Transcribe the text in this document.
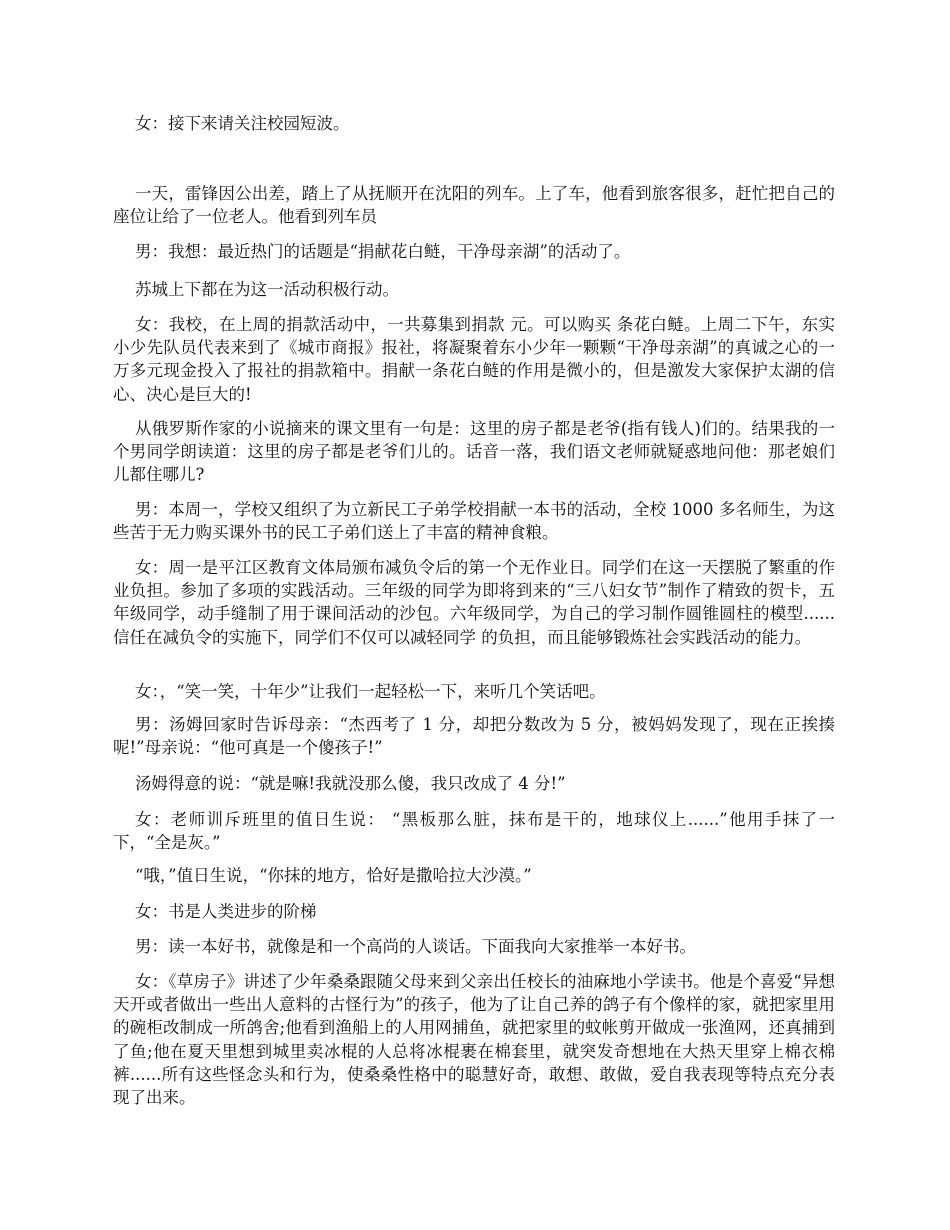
女：接下来请关注校园短波。

一天，雷锋因公出差，踏上了从抚顺开在沈阳的列车。上了车，他看到旅客很多，赶忙把自己的座位让给了一位老人。他看到列车员

男：我想：最近热门的话题是“捐献花白鲢，干净母亲湖”的活动了。

苏城上下都在为这一活动积极行动。

女：我校，在上周的捐款活动中，一共募集到捐款 元。可以购买 条花白鲢。上周二下午，东实小少先队员代表来到了《城市商报》报社，将凝聚着东小少年一颗颗“干净母亲湖”的真诚之心的一万多元现金投入了报社的捐款箱中。捐献一条花白鲢的作用是微小的，但是激发大家保护太湖的信心、决心是巨大的!

从俄罗斯作家的小说摘来的课文里有一句是：这里的房子都是老爷(指有钱人)们的。结果我的一个男同学朗读道：这里的房子都是老爷们儿的。话音一落，我们语文老师就疑惑地问他：那老娘们儿都住哪儿?

男：本周一，学校又组织了为立新民工子弟学校捐献一本书的活动，全校 1000 多名师生，为这些苦于无力购买课外书的民工子弟们送上了丰富的精神食粮。

女：周一是平江区教育文体局颁布减负令后的第一个无作业日。同学们在这一天摆脱了繁重的作业负担。参加了多项的实践活动。三年级的同学为即将到来的“三八妇女节”制作了精致的贺卡，五年级同学，动手缝制了用于课间活动的沙包。六年级同学，为自己的学习制作圆锥圆柱的模型......信任在减负令的实施下，同学们不仅可以减轻同学 的负担，而且能够锻炼社会实践活动的能力。

女：，“笑一笑，十年少”让我们一起轻松一下，来听几个笑话吧。

男：汤姆回家时告诉母亲：“杰西考了 1 分，却把分数改为 5 分，被妈妈发现了，现在正挨揍呢!”母亲说：“他可真是一个傻孩子!”

汤姆得意的说：“就是嘛!我就没那么傻，我只改成了 4 分!”

女：老师训斥班里的值日生说： “黑板那么脏，抹布是干的，地球仪上......”他用手抹了一下，“全是灰。”

“哦，”值日生说，“你抹的地方，恰好是撒哈拉大沙漠。”

女：书是人类进步的阶梯

男：读一本好书，就像是和一个高尚的人谈话。下面我向大家推举一本好书。

女：《草房子》讲述了少年桑桑跟随父母来到父亲出任校长的油麻地小学读书。他是个喜爱“异想天开或者做出一些出人意料的古怪行为”的孩子，他为了让自己养的鸽子有个像样的家，就把家里用的碗柜改制成一所鸽舍;他看到渔船上的人用网捕鱼，就把家里的蚊帐剪开做成一张渔网，还真捕到了鱼;他在夏天里想到城里卖冰棍的人总将冰棍裹在棉套里，就突发奇想地在大热天里穿上棉衣棉裤......所有这些怪念头和行为，使桑桑性格中的聪慧好奇，敢想、敢做，爱自我表现等特点充分表现了出来。
